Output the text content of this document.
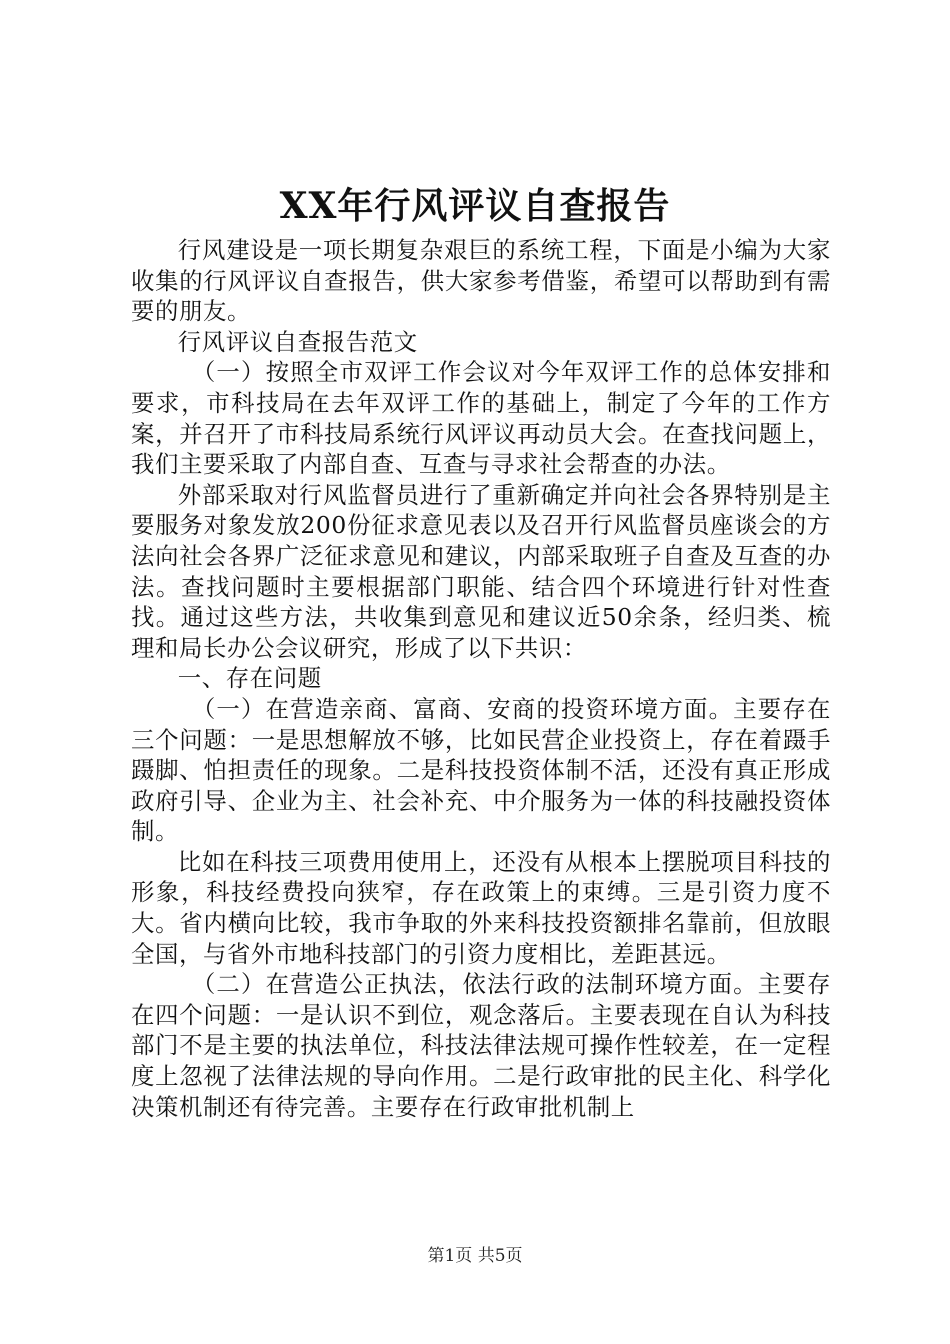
XX年行风评议自查报告

行风建设是一项长期复杂艰巨的系统工程，下面是小编为大家收集的行风评议自查报告，供大家参考借鉴，希望可以帮助到有需要的朋友。

行风评议自查报告范文

（一）按照全市双评工作会议对今年双评工作的总体安排和要求，市科技局在去年双评工作的基础上，制定了今年的工作方案，并召开了市科技局系统行风评议再动员大会。在查找问题上，我们主要采取了内部自查、互查与寻求社会帮查的办法。

外部采取对行风监督员进行了重新确定并向社会各界特别是主要服务对象发放200份征求意见表以及召开行风监督员座谈会的方法向社会各界广泛征求意见和建议，内部采取班子自查及互查的办法。查找问题时主要根据部门职能、结合四个环境进行针对性查找。通过这些方法，共收集到意见和建议近50余条，经归类、梳理和局长办公会议研究，形成了以下共识：

一、存在问题

（一）在营造亲商、富商、安商的投资环境方面。主要存在三个问题：一是思想解放不够，比如民营企业投资上，存在着蹑手蹑脚、怕担责任的现象。二是科技投资体制不活，还没有真正形成政府引导、企业为主、社会补充、中介服务为一体的科技融投资体制。

比如在科技三项费用使用上，还没有从根本上摆脱项目科技的形象，科技经费投向狭窄，存在政策上的束缚。三是引资力度不大。省内横向比较，我市争取的外来科技投资额排名靠前，但放眼全国，与省外市地科技部门的引资力度相比，差距甚远。

（二）在营造公正执法，依法行政的法制环境方面。主要存在四个问题：一是认识不到位，观念落后。主要表现在自认为科技部门不是主要的执法单位，科技法律法规可操作性较差，在一定程度上忽视了法律法规的导向作用。二是行政审批的民主化、科学化决策机制还有待完善。主要存在行政审批机制上

第1页 共5页
